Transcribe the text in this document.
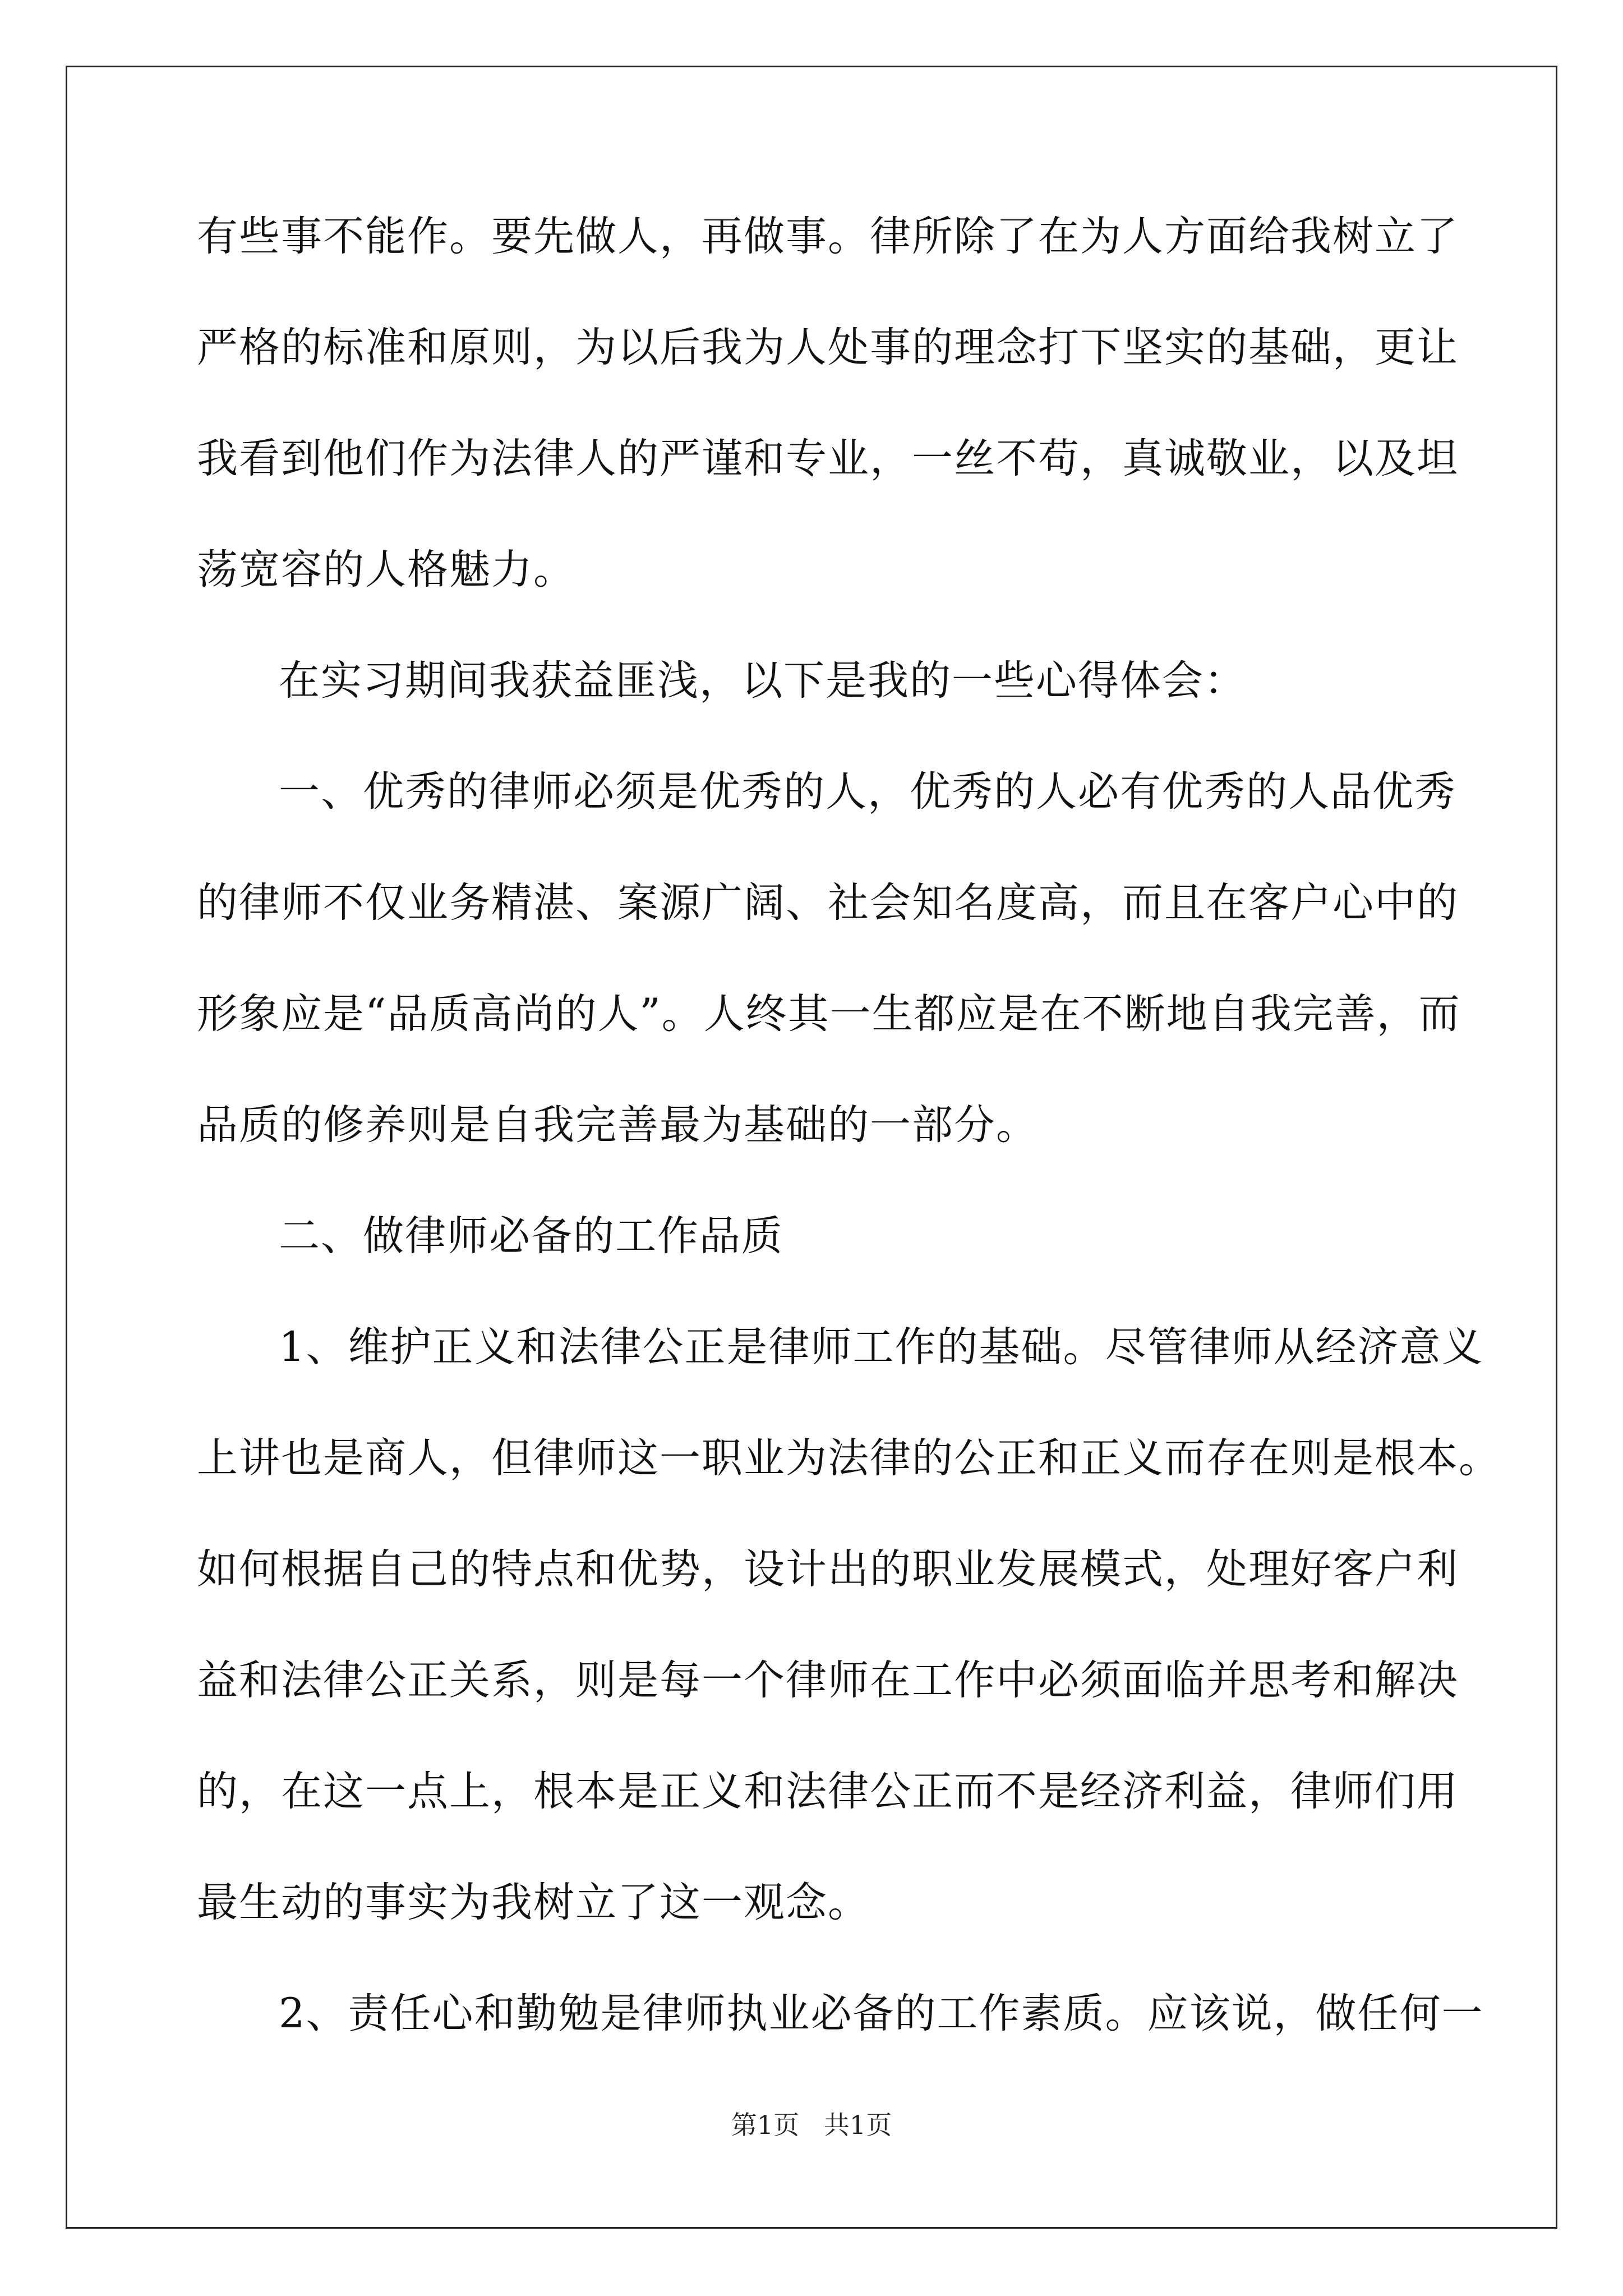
有些事不能作。要先做人，再做事。律所除了在为人方面给我树立了
严格的标准和原则，为以后我为人处事的理念打下坚实的基础，更让
我看到他们作为法律人的严谨和专业，一丝不苟，真诚敬业，以及坦
荡宽容的人格魅力。
在实习期间我获益匪浅，以下是我的一些心得体会：
一、优秀的律师必须是优秀的人，优秀的人必有优秀的人品优秀
的律师不仅业务精湛、案源广阔、社会知名度高，而且在客户心中的
形象应是“品质高尚的人”。人终其一生都应是在不断地自我完善，而
品质的修养则是自我完善最为基础的一部分。
二、做律师必备的工作品质
1、维护正义和法律公正是律师工作的基础。尽管律师从经济意义
上讲也是商人，但律师这一职业为法律的公正和正义而存在则是根本。
如何根据自己的特点和优势，设计出的职业发展模式，处理好客户利
益和法律公正关系，则是每一个律师在工作中必须面临并思考和解决
的，在这一点上，根本是正义和法律公正而不是经济利益，律师们用
最生动的事实为我树立了这一观念。
2、责任心和勤勉是律师执业必备的工作素质。应该说，做任何一
第1页   共1页
